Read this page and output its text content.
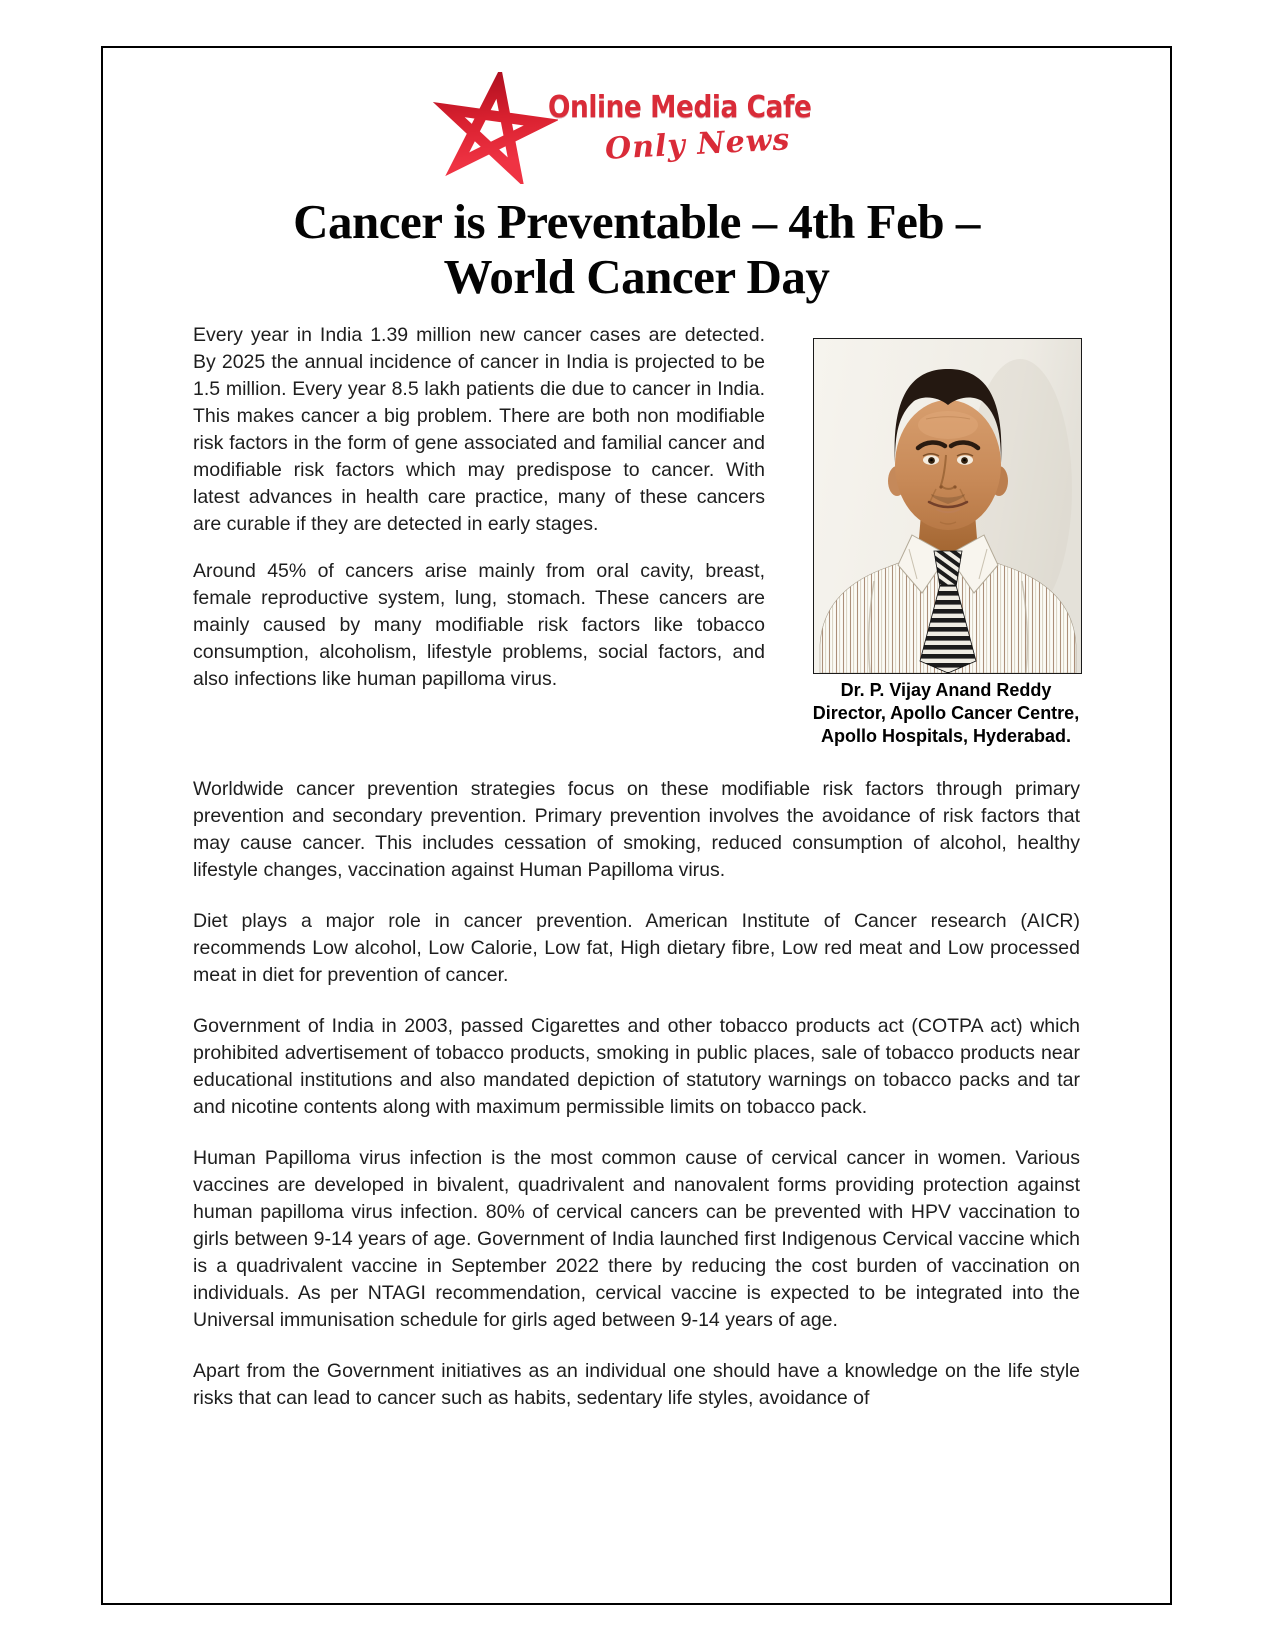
Online Media Cafe
Only News
Cancer is Preventable – 4th Feb –
World Cancer Day

Every year in India 1.39 million new cancer cases are detected. By 2025 the annual incidence of cancer in India is projected to be 1.5 million. Every year 8.5 lakh patients die due to cancer in India. This makes cancer a big problem. There are both non modifiable risk factors in the form of gene associated and familial cancer and modifiable risk factors which may predispose to cancer. With latest advances in health care practice, many of these cancers are curable if they are detected in early stages.

Around 45% of cancers arise mainly from oral cavity, breast, female reproductive system, lung, stomach. These cancers are mainly caused by many modifiable risk factors like tobacco consumption, alcoholism, lifestyle problems, social factors, and also infections like human papilloma virus.	Dr. P. Vijay Anand Reddy
Director, Apollo Cancer Centre,
Apollo Hospitals, Hyderabad.

Worldwide cancer prevention strategies focus on these modifiable risk factors through primary prevention and secondary prevention. Primary prevention involves the avoidance of risk factors that may cause cancer. This includes cessation of smoking, reduced consumption of alcohol, healthy lifestyle changes, vaccination against Human Papilloma virus.

Diet plays a major role in cancer prevention. American Institute of Cancer research (AICR) recommends Low alcohol, Low Calorie, Low fat, High dietary fibre, Low red meat and Low processed meat in diet for prevention of cancer.

Government of India in 2003, passed Cigarettes and other tobacco products act (COTPA act) which prohibited advertisement of tobacco products, smoking in public places, sale of tobacco products near educational institutions and also mandated depiction of statutory warnings on tobacco packs and tar and nicotine contents along with maximum permissible limits on tobacco pack.

Human Papilloma virus infection is the most common cause of cervical cancer in women. Various vaccines are developed in bivalent, quadrivalent and nanovalent forms providing protection against human papilloma virus infection. 80% of cervical cancers can be prevented with HPV vaccination to girls between 9-14 years of age. Government of India launched first Indigenous Cervical vaccine which is a quadrivalent vaccine in September 2022 there by reducing the cost burden of vaccination on individuals. As per NTAGI recommendation, cervical vaccine is expected to be integrated into the Universal immunisation schedule for girls aged between 9-14 years of age.

Apart from the Government initiatives as an individual one should have a knowledge on the life style risks that can lead to cancer such as habits, sedentary life styles, avoidance of
